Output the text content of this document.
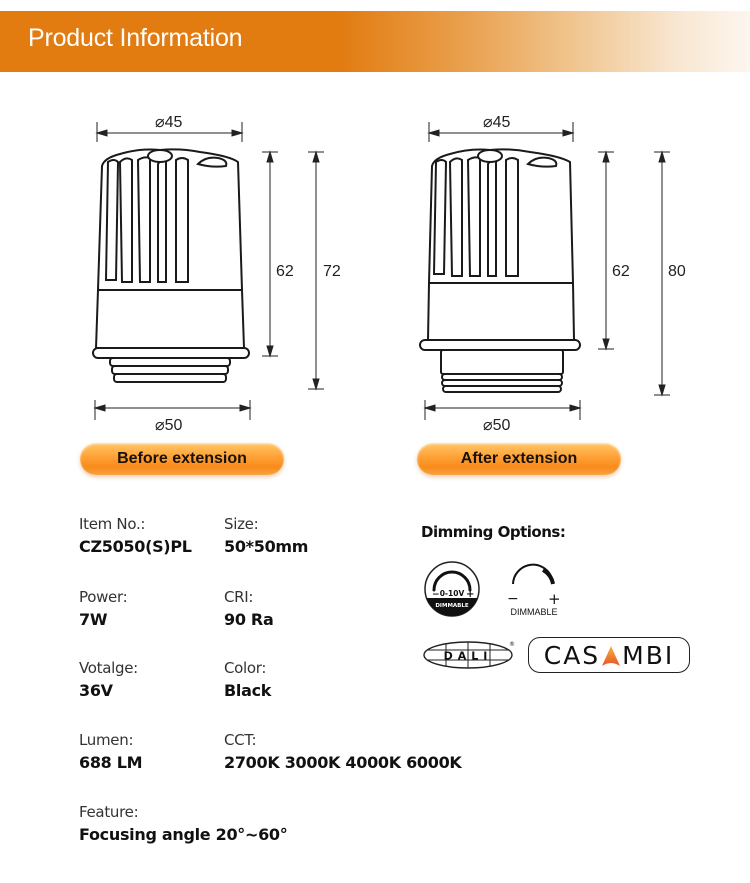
Product Information
⌀45
62 72
⌀50
⌀45
62 80
⌀50
Before extension	After extension
Item No.:
CZ5050(S)PL
Power:
7W
Votalge:
36V
Lumen:
688 LM
Feature:
Focusing angle 20°~60°
Size:
50*50mm
CRI:
90 Ra
Color:
Black
CCT:
2700K 3000K 4000K 6000K
Dimming Options:
0-10V
−	+
DIMMABLE	− +
DIMMABLE
DALI
® CAS MBI
